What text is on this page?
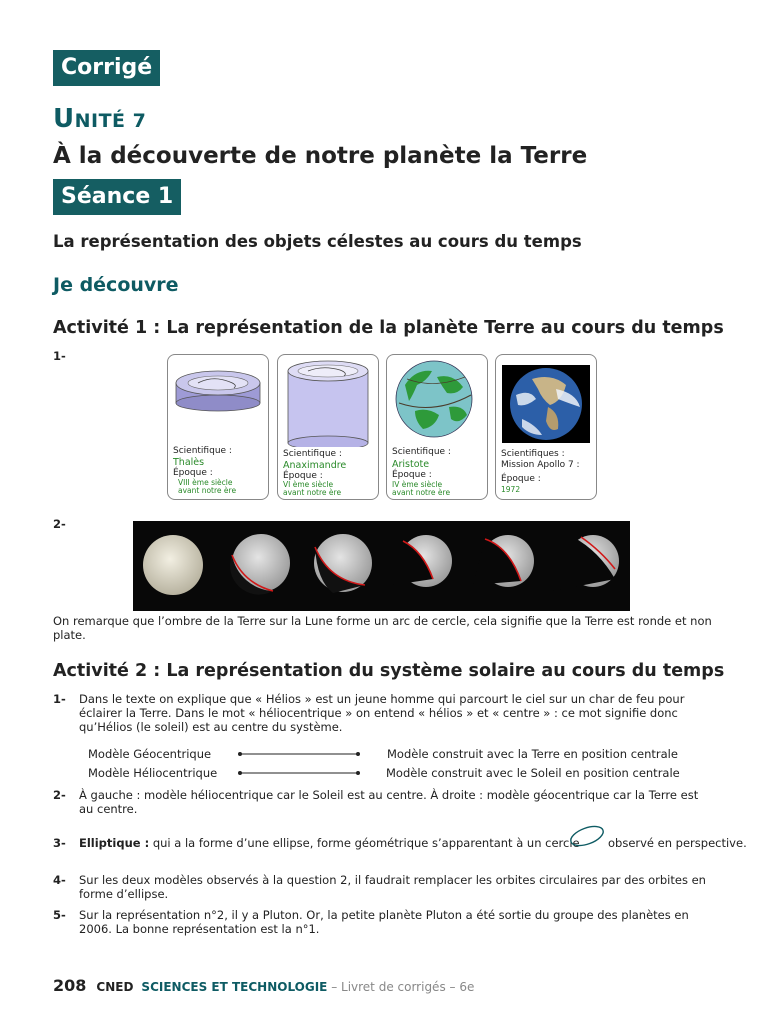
Corrigé
UNITÉ 7
À la découverte de notre planète la Terre
Séance 1
La représentation des objets célestes au cours du temps
Je découvre
Activité 1 : La représentation de la planète Terre au cours du temps
1-
Scientifique :
Thalès
Époque :
VIII ème siècle
avant notre ère
Scientifique :
Anaximandre
Époque :
VI ème siècle
avant notre ère
Scientifique :
Aristote
Époque :
IV ème siècle
avant notre ère
Scientifiques :
Mission Apollo 7 :
Époque :
1972
2-
On remarque que l’ombre de la Terre sur la Lune forme un arc de cercle, cela signifie que la Terre est ronde et non plate.
Activité 2 : La représentation du système solaire au cours du temps
1- Dans le texte on explique que « Hélios » est un jeune homme qui parcourt le ciel sur un char de feu pour éclairer la Terre. Dans le mot « héliocentrique » on entend « hélios » et « centre » : ce mot signifie donc qu’Hélios (le soleil) est au centre du système.
Modèle Géocentrique
Modèle Héliocentrique
Modèle construit avec la Terre en position centrale
Modèle construit avec le Soleil en position centrale
2- À gauche : modèle héliocentrique car le Soleil est au centre. À droite : modèle géocentrique car la Terre est au centre.
3- Elliptique : qui a la forme d’une ellipse, forme géométrique s’apparentant à un cercle observé en perspective.
4- Sur les deux modèles observés à la question 2, il faudrait remplacer les orbites circulaires par des orbites en forme d’ellipse.
5- Sur la représentation n°2, il y a Pluton. Or, la petite planète Pluton a été sortie du groupe des planètes en 2006. La bonne représentation est la n°1.
208 CNED SCIENCES ET TECHNOLOGIE – Livret de corrigés – 6e
